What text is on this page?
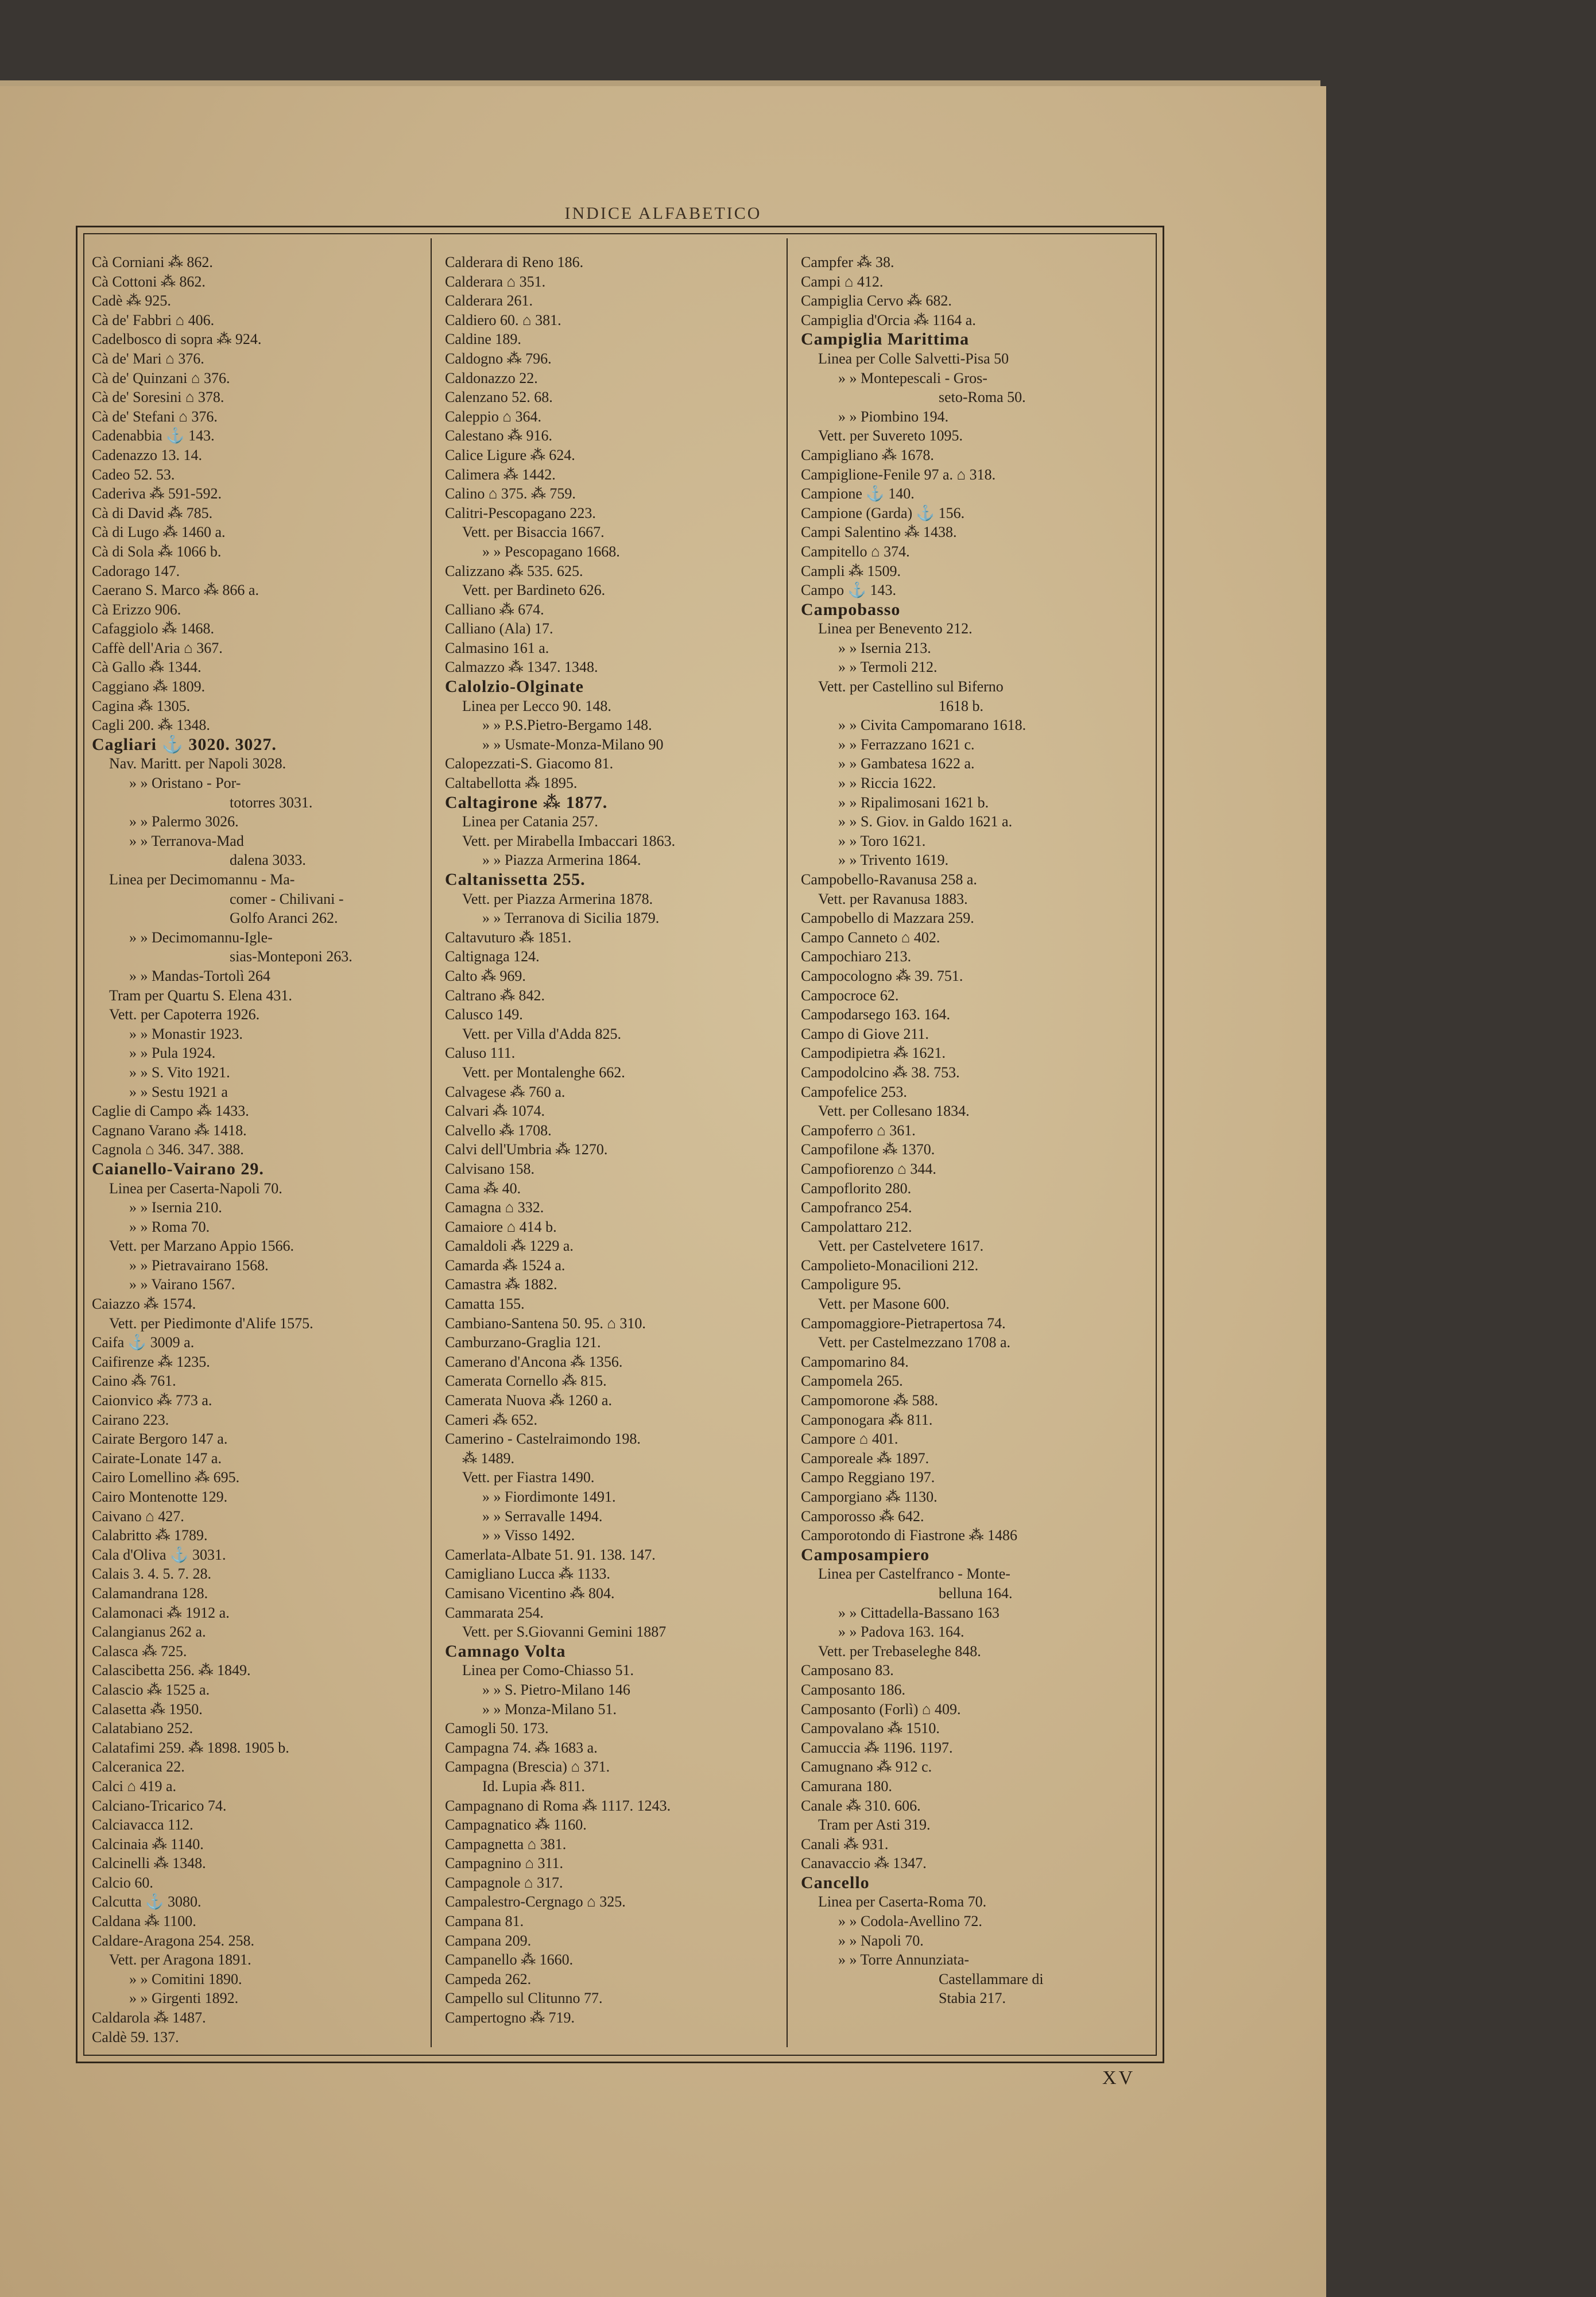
INDICE ALFABETICO
Cà Corniani ⁂ 862.
Cà Cottoni ⁂ 862.
Cadè ⁂ 925.
Cà de' Fabbri ⌂ 406.
Cadelbosco di sopra ⁂ 924.
Cà de' Mari ⌂ 376.
Cà de' Quinzani ⌂ 376.
Cà de' Soresini ⌂ 378.
Cà de' Stefani ⌂ 376.
Cadenabbia ⚓ 143.
Cadenazzo 13. 14.
Cadeo 52. 53.
Caderiva ⁂ 591-592.
Cà di David ⁂ 785.
Cà di Lugo ⁂ 1460 a.
Cà di Sola ⁂ 1066 b.
Cadorago 147.
Caerano S. Marco ⁂ 866 a.
Cà Erizzo 906.
Cafaggiolo ⁂ 1468.
Caffè dell'Aria ⌂ 367.
Cà Gallo ⁂ 1344.
Caggiano ⁂ 1809.
Cagina ⁂ 1305.
Cagli 200. ⁂ 1348.
Cagliari ⚓ 3020. 3027.
Nav. Maritt. per Napoli 3028.
» » Oristano - Por-
totorres 3031.
» » Palermo 3026.
» » Terranova-Mad
dalena 3033.
Linea per Decimomannu - Ma-
comer - Chilivani -
Golfo Aranci 262.
» » Decimomannu-Igle-
sias-Monteponi 263.
» » Mandas-Tortolì 264
Tram per Quartu S. Elena 431.
Vett. per Capoterra 1926.
» » Monastir 1923.
» » Pula 1924.
» » S. Vito 1921.
» » Sestu 1921 a
Caglie di Campo ⁂ 1433.
Cagnano Varano ⁂ 1418.
Cagnola ⌂ 346. 347. 388.
Caianello-Vairano 29.
Linea per Caserta-Napoli 70.
» » Isernia 210.
» » Roma 70.
Vett. per Marzano Appio 1566.
» » Pietravairano 1568.
» » Vairano 1567.
Caiazzo ⁂ 1574.
Vett. per Piedimonte d'Alife 1575.
Caifa ⚓ 3009 a.
Caifirenze ⁂ 1235.
Caino ⁂ 761.
Caionvico ⁂ 773 a.
Cairano 223.
Cairate Bergoro 147 a.
Cairate-Lonate 147 a.
Cairo Lomellino ⁂ 695.
Cairo Montenotte 129.
Caivano ⌂ 427.
Calabritto ⁂ 1789.
Cala d'Oliva ⚓ 3031.
Calais 3. 4. 5. 7. 28.
Calamandrana 128.
Calamonaci ⁂ 1912 a.
Calangianus 262 a.
Calasca ⁂ 725.
Calascibetta 256. ⁂ 1849.
Calascio ⁂ 1525 a.
Calasetta ⁂ 1950.
Calatabiano 252.
Calatafimi 259. ⁂ 1898. 1905 b.
Calceranica 22.
Calci ⌂ 419 a.
Calciano-Tricarico 74.
Calciavacca 112.
Calcinaia ⁂ 1140.
Calcinelli ⁂ 1348.
Calcio 60.
Calcutta ⚓ 3080.
Caldana ⁂ 1100.
Caldare-Aragona 254. 258.
Vett. per Aragona 1891.
» » Comitini 1890.
» » Girgenti 1892.
Caldarola ⁂ 1487.
Caldè 59. 137.
Calderara di Reno 186.
Calderara ⌂ 351.
Calderara 261.
Caldiero 60. ⌂ 381.
Caldine 189.
Caldogno ⁂ 796.
Caldonazzo 22.
Calenzano 52. 68.
Caleppio ⌂ 364.
Calestano ⁂ 916.
Calice Ligure ⁂ 624.
Calimera ⁂ 1442.
Calino ⌂ 375. ⁂ 759.
Calitri-Pescopagano 223.
Vett. per Bisaccia 1667.
» » Pescopagano 1668.
Calizzano ⁂ 535. 625.
Vett. per Bardineto 626.
Calliano ⁂ 674.
Calliano (Ala) 17.
Calmasino 161 a.
Calmazzo ⁂ 1347. 1348.
Calolzio-Olginate
Linea per Lecco 90. 148.
» » P.S.Pietro-Bergamo 148.
» » Usmate-Monza-Milano 90
Calopezzati-S. Giacomo 81.
Caltabellotta ⁂ 1895.
Caltagirone ⁂ 1877.
Linea per Catania 257.
Vett. per Mirabella Imbaccari 1863.
» » Piazza Armerina 1864.
Caltanissetta 255.
Vett. per Piazza Armerina 1878.
» » Terranova di Sicilia 1879.
Caltavuturo ⁂ 1851.
Caltignaga 124.
Calto ⁂ 969.
Caltrano ⁂ 842.
Calusco 149.
Vett. per Villa d'Adda 825.
Caluso 111.
Vett. per Montalenghe 662.
Calvagese ⁂ 760 a.
Calvari ⁂ 1074.
Calvello ⁂ 1708.
Calvi dell'Umbria ⁂ 1270.
Calvisano 158.
Cama ⁂ 40.
Camagna ⌂ 332.
Camaiore ⌂ 414 b.
Camaldoli ⁂ 1229 a.
Camarda ⁂ 1524 a.
Camastra ⁂ 1882.
Camatta 155.
Cambiano-Santena 50. 95. ⌂ 310.
Camburzano-Graglia 121.
Camerano d'Ancona ⁂ 1356.
Camerata Cornello ⁂ 815.
Camerata Nuova ⁂ 1260 a.
Cameri ⁂ 652.
Camerino - Castelraimondo 198.
⁂ 1489.
Vett. per Fiastra 1490.
» » Fiordimonte 1491.
» » Serravalle 1494.
» » Visso 1492.
Camerlata-Albate 51. 91. 138. 147.
Camigliano Lucca ⁂ 1133.
Camisano Vicentino ⁂ 804.
Cammarata 254.
Vett. per S.Giovanni Gemini 1887
Camnago Volta
Linea per Como-Chiasso 51.
» » S. Pietro-Milano 146
» » Monza-Milano 51.
Camogli 50. 173.
Campagna 74. ⁂ 1683 a.
Campagna (Brescia) ⌂ 371.
Id. Lupia ⁂ 811.
Campagnano di Roma ⁂ 1117. 1243.
Campagnatico ⁂ 1160.
Campagnetta ⌂ 381.
Campagnino ⌂ 311.
Campagnole ⌂ 317.
Campalestro-Cergnago ⌂ 325.
Campana 81.
Campana 209.
Campanello ⁂ 1660.
Campeda 262.
Campello sul Clitunno 77.
Campertogno ⁂ 719.
Campfer ⁂ 38.
Campi ⌂ 412.
Campiglia Cervo ⁂ 682.
Campiglia d'Orcia ⁂ 1164 a.
Campiglia Marittima
Linea per Colle Salvetti-Pisa 50
» » Montepescali - Gros-
seto-Roma 50.
» » Piombino 194.
Vett. per Suvereto 1095.
Campigliano ⁂ 1678.
Campiglione-Fenile 97 a. ⌂ 318.
Campione ⚓ 140.
Campione (Garda) ⚓ 156.
Campi Salentino ⁂ 1438.
Campitello ⌂ 374.
Campli ⁂ 1509.
Campo ⚓ 143.
Campobasso
Linea per Benevento 212.
» » Isernia 213.
» » Termoli 212.
Vett. per Castellino sul Biferno
1618 b.
» » Civita Campomarano 1618.
» » Ferrazzano 1621 c.
» » Gambatesa 1622 a.
» » Riccia 1622.
» » Ripalimosani 1621 b.
» » S. Giov. in Galdo 1621 a.
» » Toro 1621.
» » Trivento 1619.
Campobello-Ravanusa 258 a.
Vett. per Ravanusa 1883.
Campobello di Mazzara 259.
Campo Canneto ⌂ 402.
Campochiaro 213.
Campocologno ⁂ 39. 751.
Campocroce 62.
Campodarsego 163. 164.
Campo di Giove 211.
Campodipietra ⁂ 1621.
Campodolcino ⁂ 38. 753.
Campofelice 253.
Vett. per Collesano 1834.
Campoferro ⌂ 361.
Campofilone ⁂ 1370.
Campofiorenzo ⌂ 344.
Campoflorito 280.
Campofranco 254.
Campolattaro 212.
Vett. per Castelvetere 1617.
Campolieto-Monacilioni 212.
Campoligure 95.
Vett. per Masone 600.
Campomaggiore-Pietrapertosa 74.
Vett. per Castelmezzano 1708 a.
Campomarino 84.
Campomela 265.
Campomorone ⁂ 588.
Camponogara ⁂ 811.
Campore ⌂ 401.
Camporeale ⁂ 1897.
Campo Reggiano 197.
Camporgiano ⁂ 1130.
Camporosso ⁂ 642.
Camporotondo di Fiastrone ⁂ 1486
Camposampiero
Linea per Castelfranco - Monte-
belluna 164.
» » Cittadella-Bassano 163
» » Padova 163. 164.
Vett. per Trebaseleghe 848.
Camposano 83.
Camposanto 186.
Camposanto (Forlì) ⌂ 409.
Campovalano ⁂ 1510.
Camuccia ⁂ 1196. 1197.
Camugnano ⁂ 912 c.
Camurana 180.
Canale ⁂ 310. 606.
Tram per Asti 319.
Canali ⁂ 931.
Canavaccio ⁂ 1347.
Cancello
Linea per Caserta-Roma 70.
» » Codola-Avellino 72.
» » Napoli 70.
» » Torre Annunziata-
Castellammare di
Stabia 217.
XV
